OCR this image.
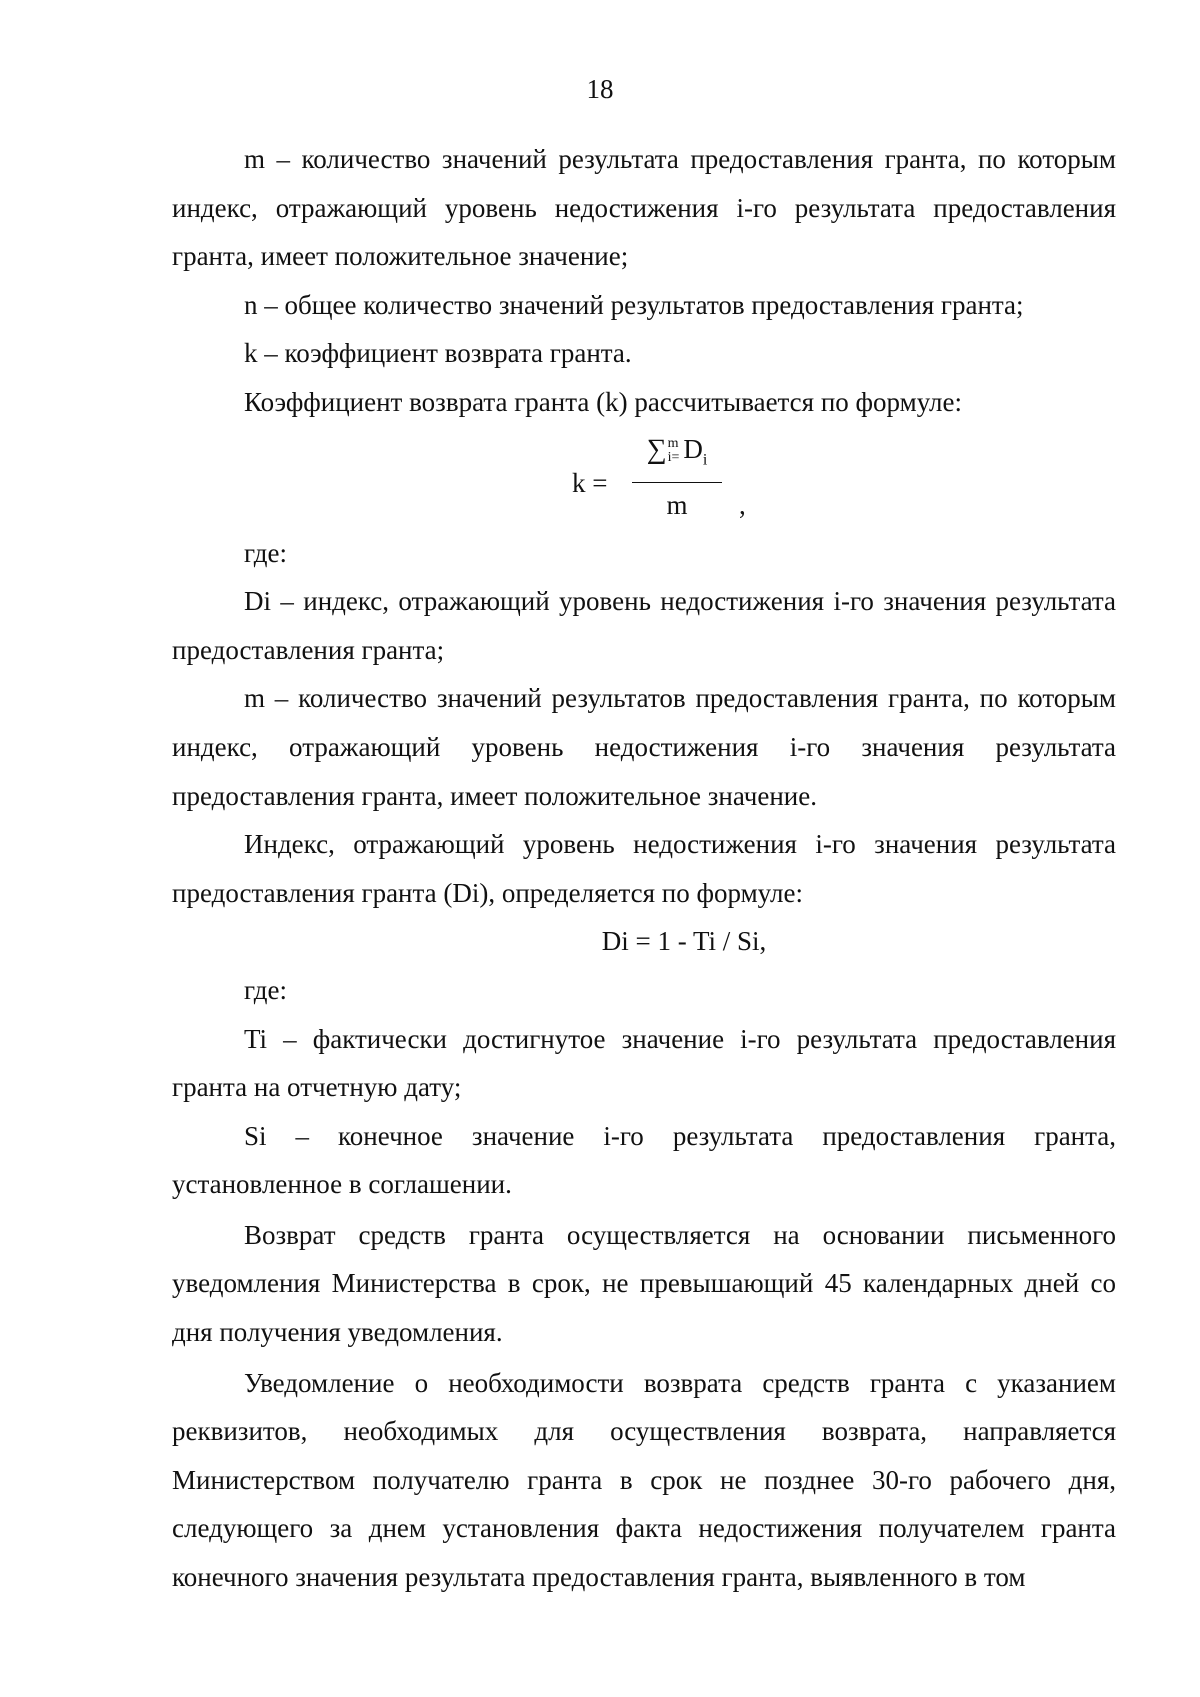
18

m – количество значений результата предоставления гранта, по которым индекс, отражающий уровень недостижения i-го результата предоставления гранта, имеет положительное значение;

n – общее количество значений результатов предоставления гранта;

k – коэффициент возврата гранта.

Коэффициент возврата гранта (k) рассчитывается по формуле:

k =
∑m
$i= D_i$
m	,

где:

Di – индекс, отражающий уровень недостижения i-го значения результата предоставления гранта;

m – количество значений результатов предоставления гранта, по которым индекс, отражающий уровень недостижения i-го значения результата предоставления гранта, имеет положительное значение.

Индекс, отражающий уровень недостижения i-го значения результата предоставления гранта (Di), определяется по формуле:

Di = 1 - Ti / Si,

где:

Ti – фактически достигнутое значение i-го результата предоставления гранта на отчетную дату;

Si – конечное значение i-го результата предоставления гранта, установленное в соглашении.

Возврат средств гранта осуществляется на основании письменного уведомления Министерства в срок, не превышающий 45 календарных дней со дня получения уведомления.

Уведомление о необходимости возврата средств гранта с указанием реквизитов, необходимых для осуществления возврата, направляется Министерством получателю гранта в срок не позднее 30-го рабочего дня, следующего за днем установления факта недостижения получателем гранта конечного значения результата предоставления гранта, выявленного в том
